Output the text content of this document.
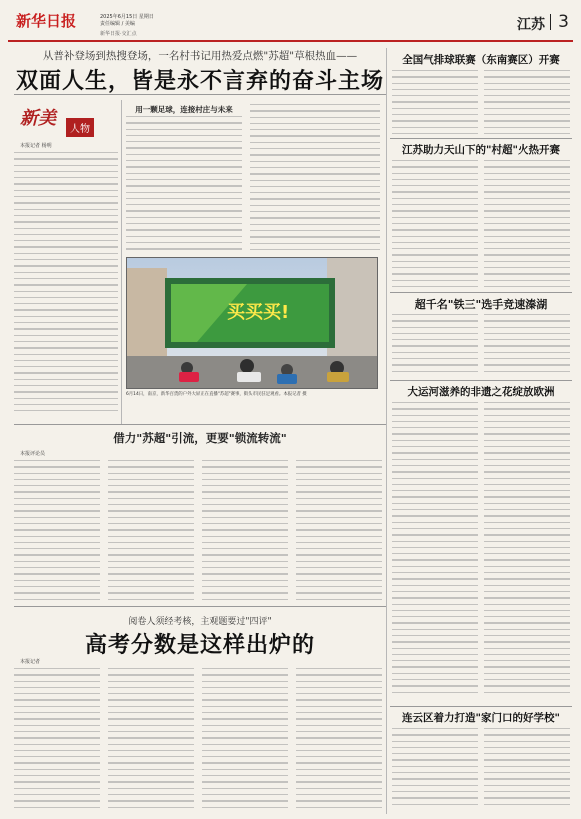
新华日报	2025年6月15日 星期日
责任编辑 / 美编
新华日报·交汇点
江苏 3
从普补登场到热搜登场，一名村书记用热爱点燃"苏超"草根热血——
双面人生，皆是永不言弃的奋斗主场
新美
人物
本报记者 杨明
用一颗足球，连接村庄与未来
买买买!
6月14日，南京，新华百货的户外大屏正在直播"苏超"赛事，街头市民驻足观看。本报记者 摄
借力"苏超"引流，更要"锁流转流"
本报评论员
阅卷人须经考核，主观题要过"四评"
高考分数是这样出炉的
本报记者
全国气排球联赛（东南赛区）开赛
江苏助力天山下的"村超"火热开赛
超千名"铁三"选手竞速溱湖
大运河滋养的非遗之花绽放欧洲
连云区着力打造"家门口的好学校"
